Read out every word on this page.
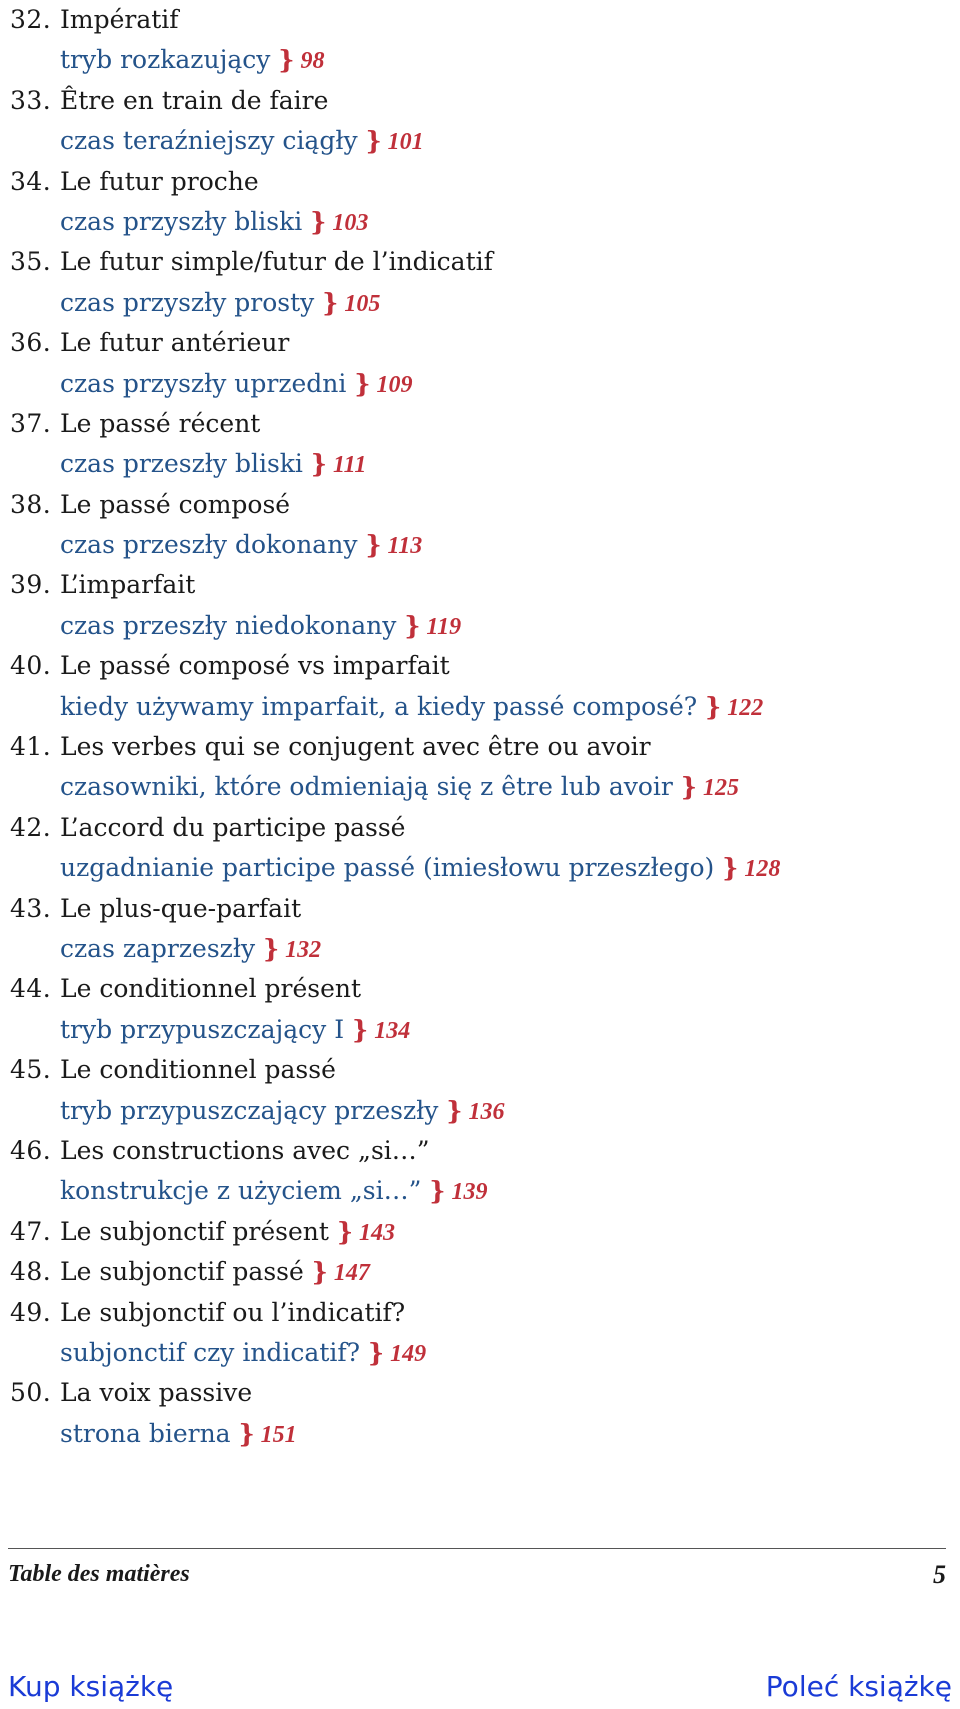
32. Impératif
tryb rozkazujący } 98
33. Être en train de faire
czas teraźniejszy ciągły } 101
34. Le futur proche
czas przyszły bliski } 103
35. Le futur simple/futur de l’indicatif
czas przyszły prosty } 105
36. Le futur antérieur
czas przyszły uprzedni } 109
37. Le passé récent
czas przeszły bliski } 111
38. Le passé composé
czas przeszły dokonany } 113
39. L’imparfait
czas przeszły niedokonany } 119
40. Le passé composé vs imparfait
kiedy używamy imparfait, a kiedy passé composé? } 122
41. Les verbes qui se conjugent avec être ou avoir
czasowniki, które odmieniają się z être lub avoir } 125
42. L’accord du participe passé
uzgadnianie participe passé (imiesłowu przeszłego) } 128
43. Le plus-que-parfait
czas zaprzeszły } 132
44. Le conditionnel présent
tryb przypuszczający I } 134
45. Le conditionnel passé
tryb przypuszczający przeszły } 136
46. Les constructions avec „si…”
konstrukcje z użyciem „si…” } 139
47. Le subjonctif présent } 143
48. Le subjonctif passé } 147
49. Le subjonctif ou l’indicatif?
subjonctif czy indicatif? } 149
50. La voix passive
strona bierna } 151
Table des matières	5
Kup książkę	Poleć książkę
